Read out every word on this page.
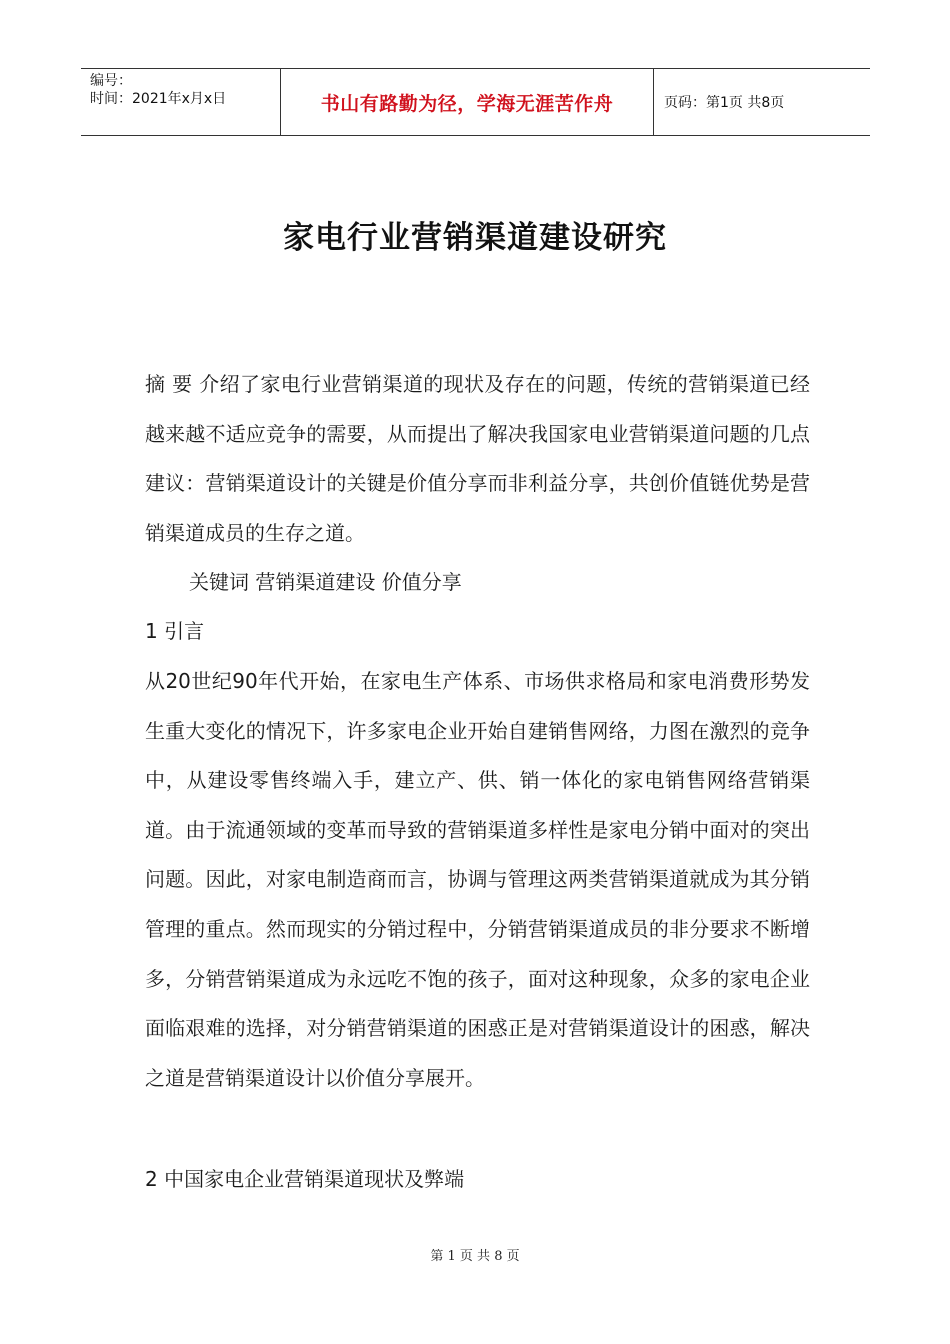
编号：
时间：2021年x月x日	书山有路勤为径，学海无涯苦作舟	页码：第1页 共8页
家电行业营销渠道建设研究

摘 要 介绍了家电行业营销渠道的现状及存在的问题，传统的营销渠道已经越来越不适应竞争的需要，从而提出了解决我国家电业营销渠道问题的几点建议：营销渠道设计的关键是价值分享而非利益分享，共创价值链优势是营销渠道成员的生存之道。

关键词 营销渠道建设 价值分享
1 引言

从20世纪90年代开始，在家电生产体系、市场供求格局和家电消费形势发生重大变化的情况下，许多家电企业开始自建销售网络，力图在激烈的竞争中，从建设零售终端入手，建立产、供、销一体化的家电销售网络营销渠道。由于流通领域的变革而导致的营销渠道多样性是家电分销中面对的突出问题。因此，对家电制造商而言，协调与管理这两类营销渠道就成为其分销管理的重点。然而现实的分销过程中，分销营销渠道成员的非分要求不断增多，分销营销渠道成为永远吃不饱的孩子，面对这种现象，众多的家电企业面临艰难的选择，对分销营销渠道的困惑正是对营销渠道设计的困惑，解决之道是营销渠道设计以价值分享展开。

2 中国家电企业营销渠道现状及弊端
第 1 页 共 8 页
